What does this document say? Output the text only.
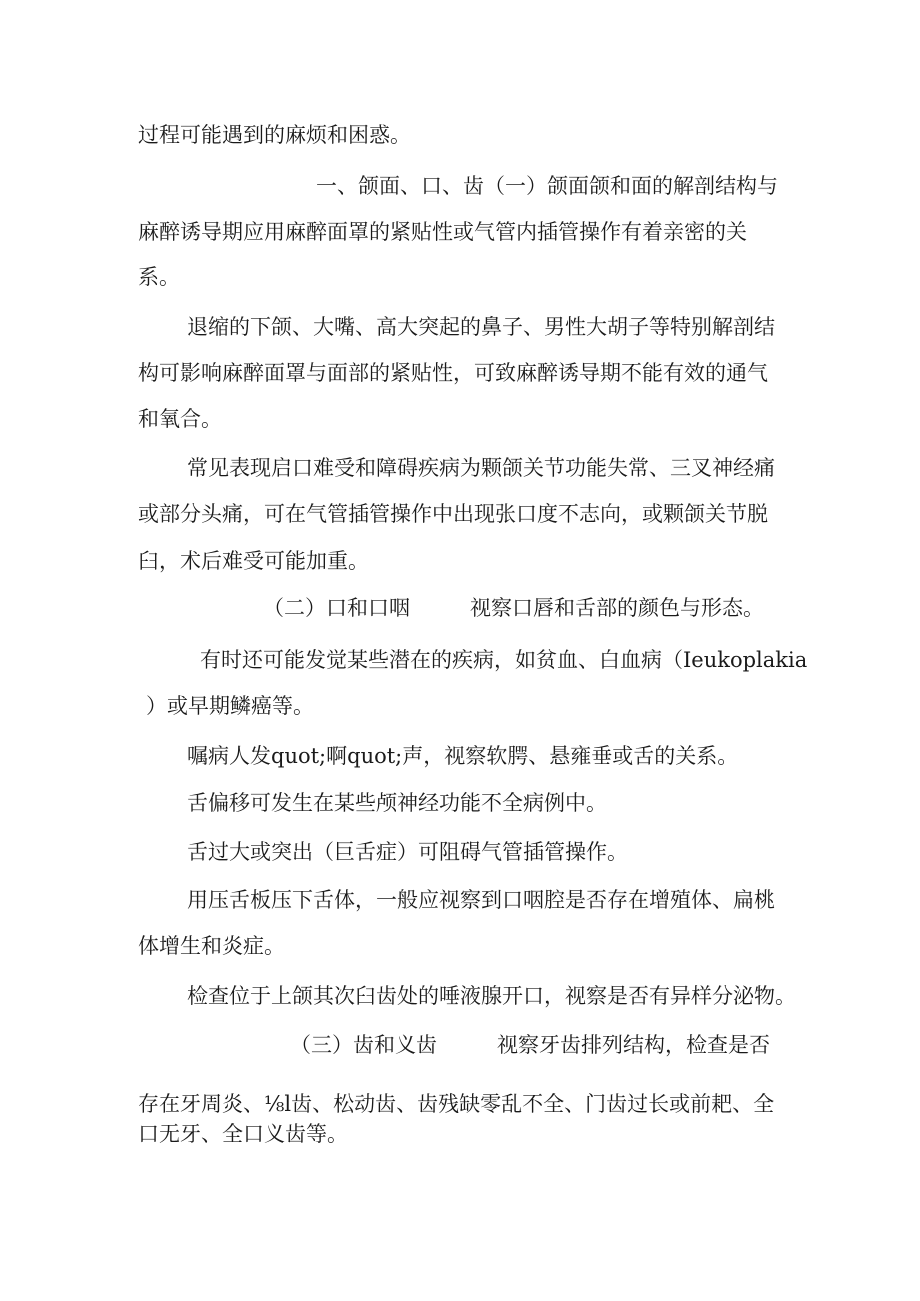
过程可能遇到的麻烦和困惑。

一、颌面、口、齿（一）颌面颌和面的解剖结构与

麻醉诱导期应用麻醉面罩的紧贴性或气管内插管操作有着亲密的关

系。

退缩的下颌、大嘴、高大突起的鼻子、男性大胡子等特别解剖结

构可影响麻醉面罩与面部的紧贴性，可致麻醉诱导期不能有效的通气

和氧合。

常见表现启口难受和障碍疾病为颗颌关节功能失常、三叉神经痛

或部分头痛，可在气管插管操作中出现张口度不志向，或颗颌关节脱

臼，术后难受可能加重。

（二）口和口咽	视察口唇和舌部的颜色与形态。

有时还可能发觉某些潜在的疾病，如贫血、白血病（Ieukoplakia

）或早期鳞癌等。

嘱病人发quot;啊quot;声，视察软腭、悬雍垂或舌的关系。

舌偏移可发生在某些颅神经功能不全病例中。

舌过大或突出（巨舌症）可阻碍气管插管操作。

用压舌板压下舌体，一般应视察到口咽腔是否存在增殖体、扁桃

体增生和炎症。

检查位于上颌其次臼齿处的唾液腺开口，视察是否有异样分泌物。

（三）齿和义齿	视察牙齿排列结构，检查是否

存在牙周炎、⅛l齿、松动齿、齿残缺零乱不全、门齿过长或前耙、全

口无牙、全口义齿等。
